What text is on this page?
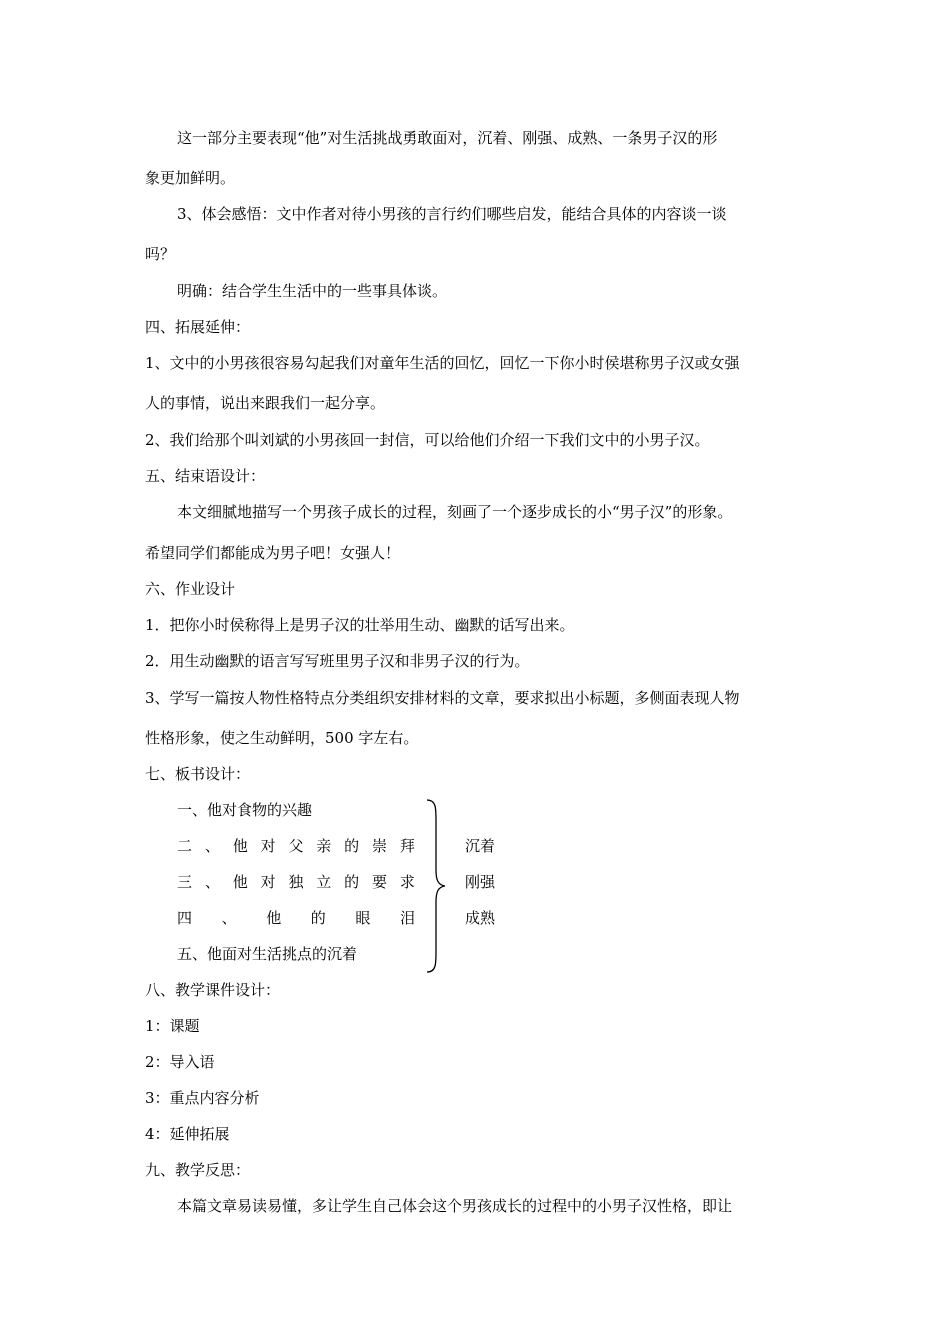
这一部分主要表现“他”对生活挑战勇敢面对，沉着、刚强、成熟、一条男子汉的形
象更加鲜明。
3、体会感悟：文中作者对待小男孩的言行约们哪些启发，能结合具体的内容谈一谈
吗？
明确：结合学生生活中的一些事具体谈。
四、拓展延伸：
1、文中的小男孩很容易勾起我们对童年生活的回忆，回忆一下你小时侯堪称男子汉或女强
人的事情，说出来跟我们一起分享。
2、我们给那个叫刘斌的小男孩回一封信，可以给他们介绍一下我们文中的小男子汉。
五、结束语设计：
本文细腻地描写一个男孩子成长的过程，刻画了一个逐步成长的小“男子汉”的形象。
希望同学们都能成为男子吧！女强人！
六、作业设计
1．把你小时侯称得上是男子汉的壮举用生动、幽默的话写出来。
2．用生动幽默的语言写写班里男子汉和非男子汉的行为。
3、学写一篇按人物性格特点分类组织安排材料的文章，要求拟出小标题，多侧面表现人物
性格形象，使之生动鲜明，500 字左右。
七、板书设计：
一、他对食物的兴趣
二 、 他 对 父 亲 的 崇 拜
三 、 他 对 独 立 的 要 求
四 、 他 的 眼 泪
五、他面对生活挑点的沉着
沉着
刚强
成熟
八、教学课件设计：
1：课题
2：导入语
3：重点内容分析
4：延伸拓展
九、教学反思：
本篇文章易读易懂，多让学生自己体会这个男孩成长的过程中的小男子汉性格，即让
